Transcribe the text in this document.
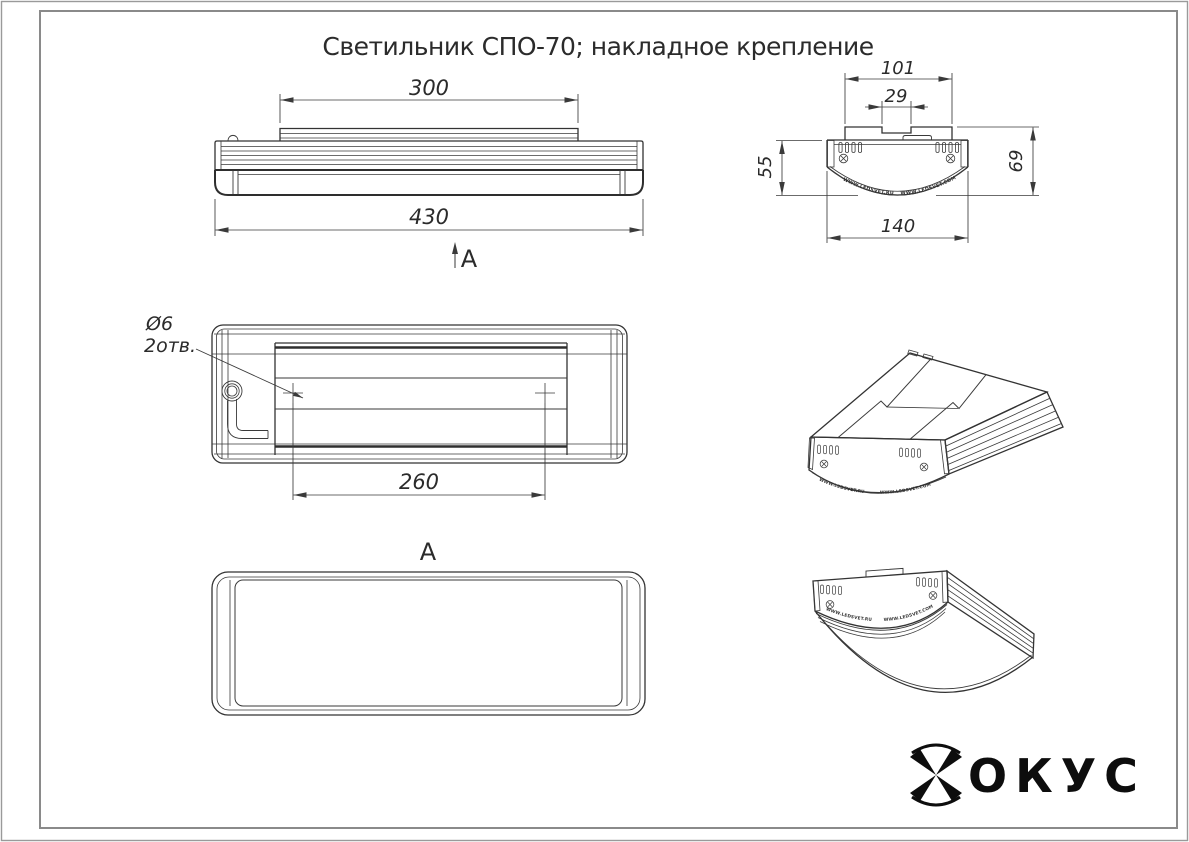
Светильник СПО-70; накладное крепление
300
430
А
WWW.LEDSVET.RU WWW.LEDSVET.COM
101
29
55	69
140
Ø6
2отв.
260
А
WWW.LEDSVET.RU	WWW.LEDSVET.COM
WWW.LEDSVET.RU	WWW.LEDSVET.COM
ОКУС
